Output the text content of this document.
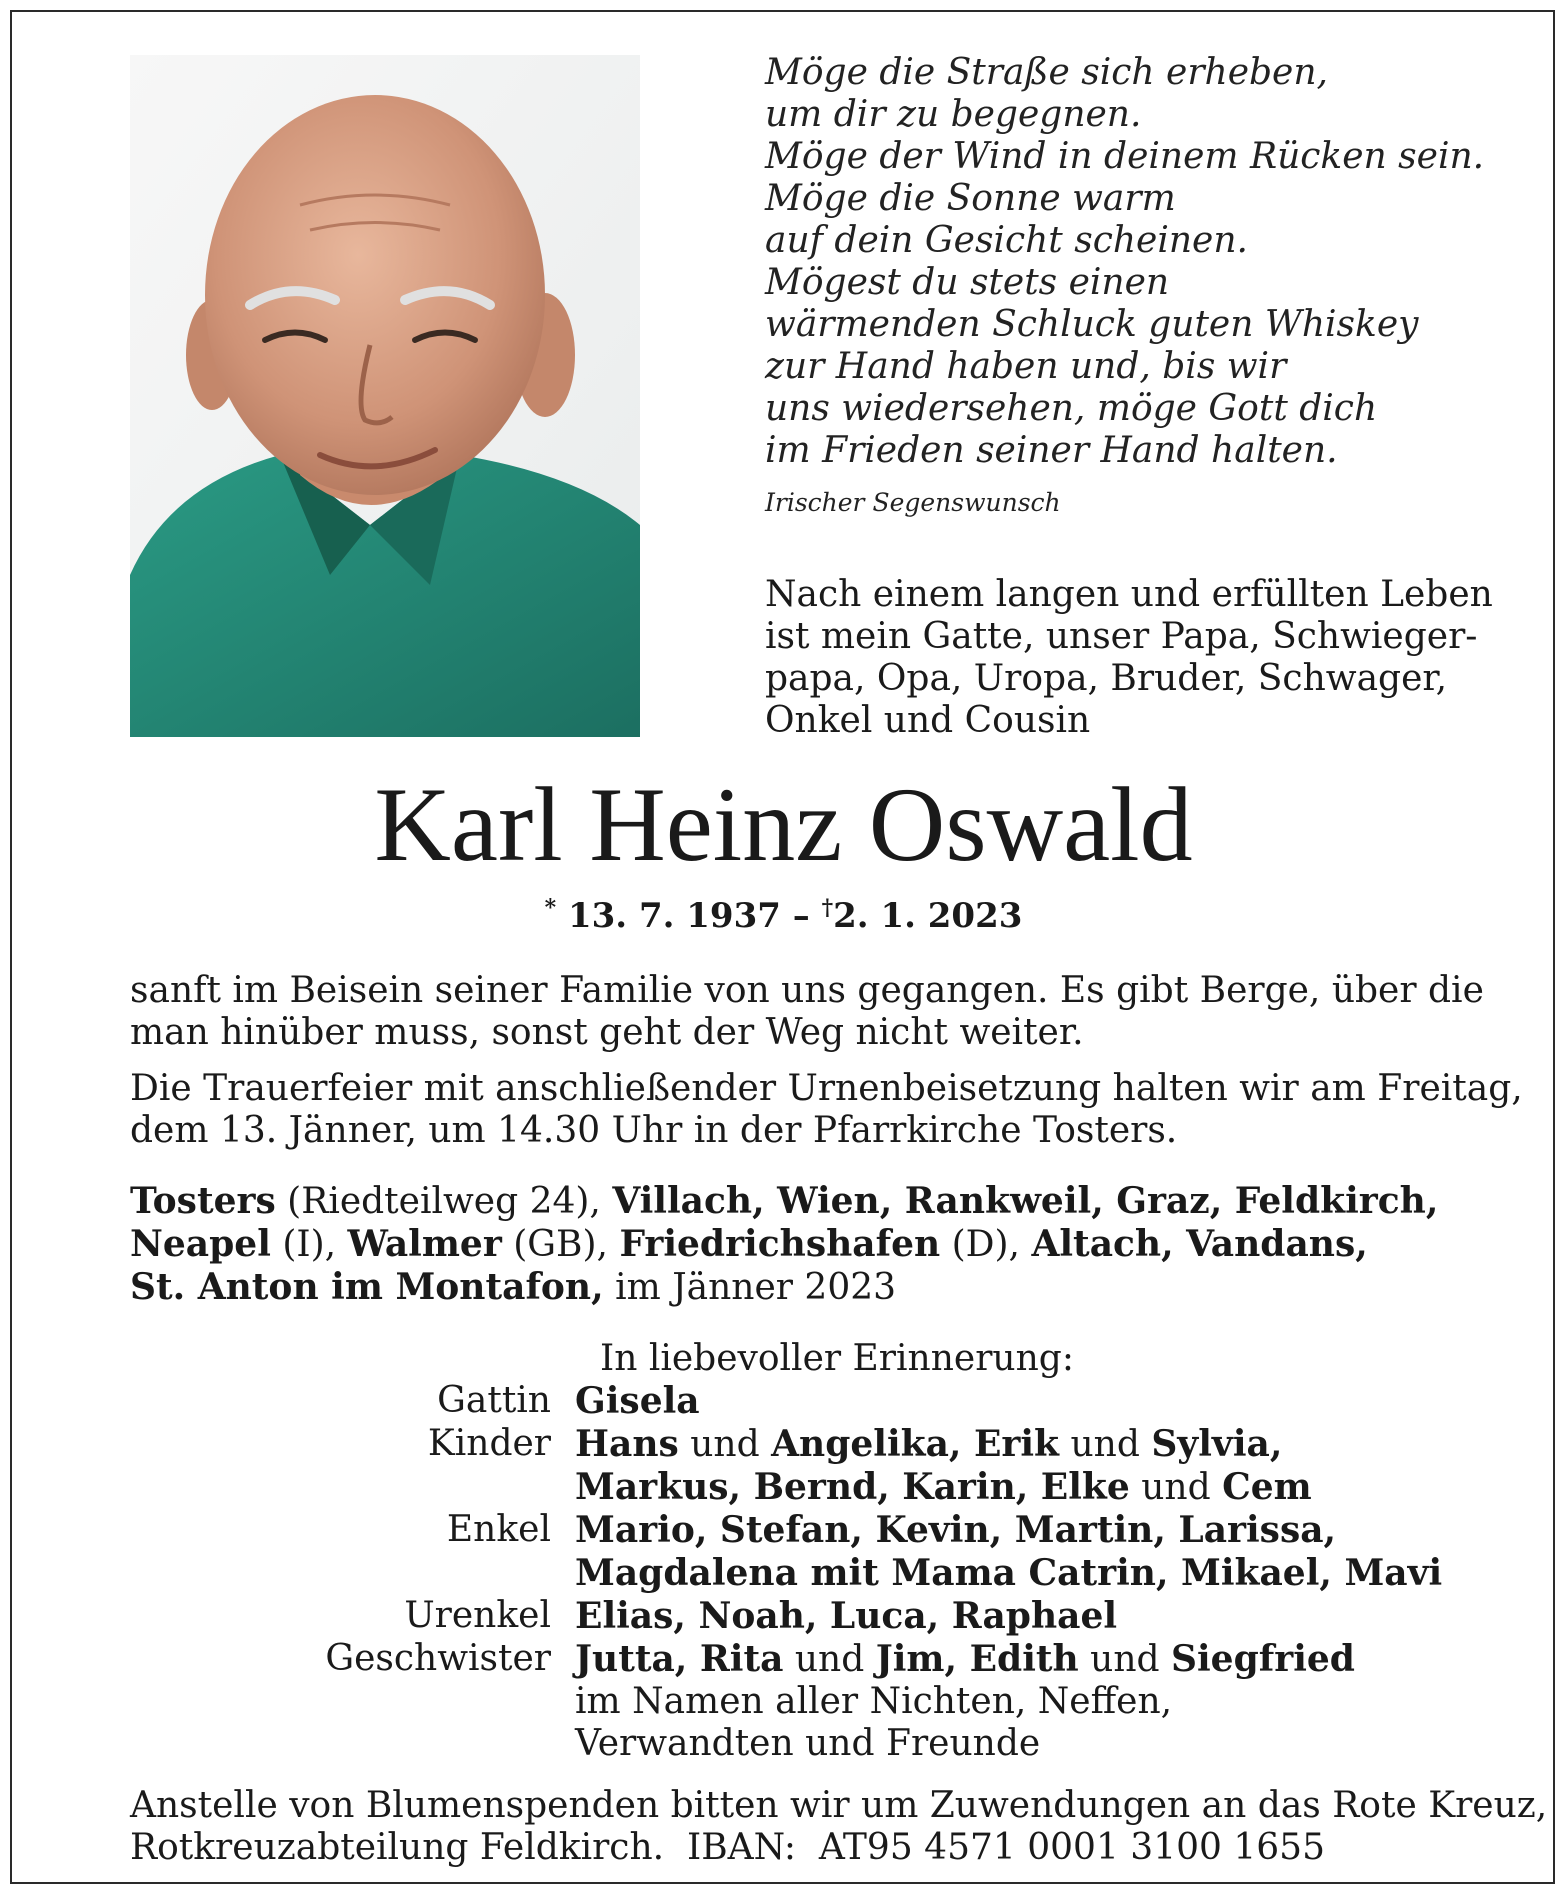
Möge die Straße sich erheben,
um dir zu begegnen.
Möge der Wind in deinem Rücken sein.
Möge die Sonne warm
auf dein Gesicht scheinen.
Mögest du stets einen
wärmenden Schluck guten Whiskey
zur Hand haben und, bis wir
uns wiedersehen, möge Gott dich
im Frieden seiner Hand halten.
Irischer Segenswunsch
Nach einem langen und erfüllten Leben
ist mein Gatte, unser Papa, Schwieger-
papa, Opa, Uropa, Bruder, Schwager,
Onkel und Cousin
Karl Heinz Oswald
* 13. 7. 1937 – †2. 1. 2023
sanft im Beisein seiner Familie von uns gegangen. Es gibt Berge, über die
man hinüber muss, sonst geht der Weg nicht weiter.
Die Trauerfeier mit anschließender Urnenbeisetzung halten wir am Freitag,
dem 13. Jänner, um 14.30 Uhr in der Pfarrkirche Tosters.
Tosters (Riedteilweg 24), Villach, Wien, Rankweil, Graz, Feldkirch,
Neapel (I), Walmer (GB), Friedrichshafen (D), Altach, Vandans,
St. Anton im Montafon, im Jänner 2023
In liebevoller Erinnerung:
Gattin Gisela
Kinder Hans und Angelika, Erik und Sylvia,
Markus, Bernd, Karin, Elke und Cem
Enkel Mario, Stefan, Kevin, Martin, Larissa,
Magdalena mit Mama Catrin, Mikael, Mavi
Urenkel Elias, Noah, Luca, Raphael
Geschwister Jutta, Rita und Jim, Edith und Siegfried
im Namen aller Nichten, Neffen,
Verwandten und Freunde
Anstelle von Blumenspenden bitten wir um Zuwendungen an das Rote Kreuz,
Rotkreuzabteilung Feldkirch.  IBAN:  AT95 4571 0001 3100 1655
